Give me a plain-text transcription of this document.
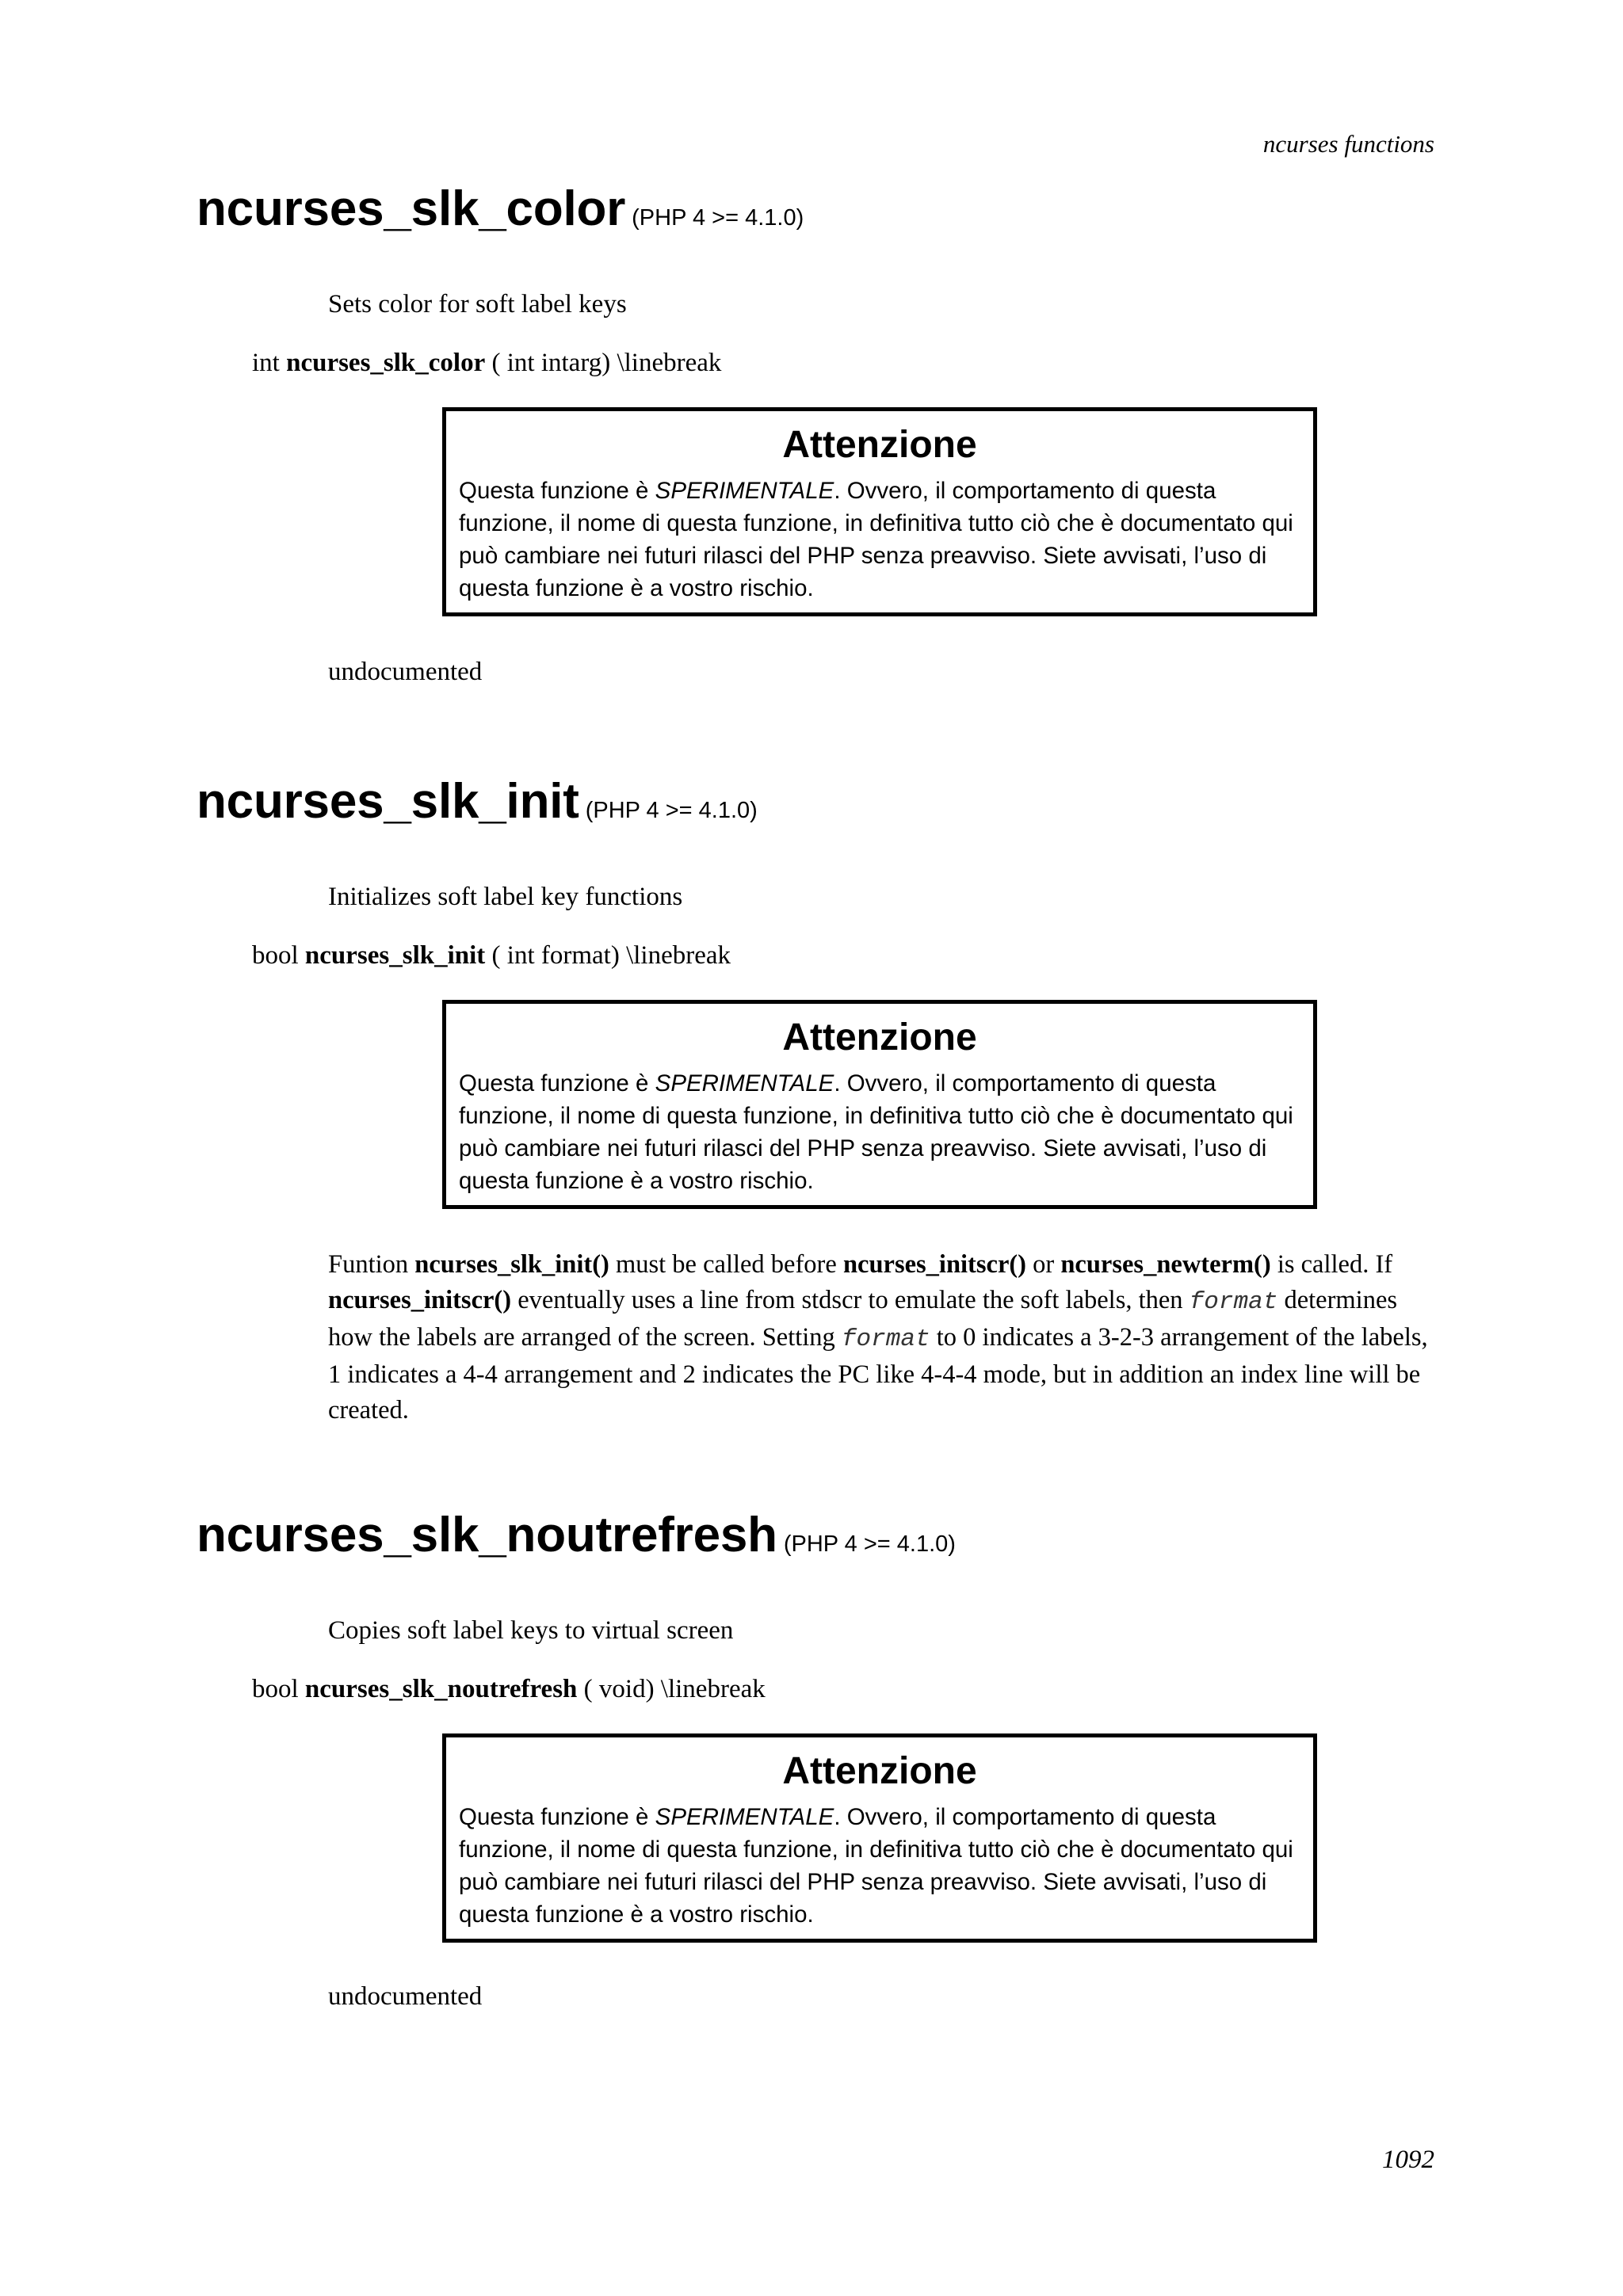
ncurses functions
ncurses_slk_color (PHP 4 >= 4.1.0)
Sets color for soft label keys
int ncurses_slk_color ( int intarg) \linebreak
Attenzione
Questa funzione è SPERIMENTALE. Ovvero, il comportamento di questa funzione, il nome di questa funzione, in definitiva tutto ciò che è documentato qui può cambiare nei futuri rilasci del PHP senza preavviso. Siete avvisati, l’uso di questa funzione è a vostro rischio.
undocumented
ncurses_slk_init (PHP 4 >= 4.1.0)
Initializes soft label key functions
bool ncurses_slk_init ( int format) \linebreak
Attenzione
Questa funzione è SPERIMENTALE. Ovvero, il comportamento di questa funzione, il nome di questa funzione, in definitiva tutto ciò che è documentato qui può cambiare nei futuri rilasci del PHP senza preavviso. Siete avvisati, l’uso di questa funzione è a vostro rischio.
Funtion ncurses_slk_init() must be called before ncurses_initscr() or ncurses_newterm() is called. If ncurses_initscr() eventually uses a line from stdscr to emulate the soft labels, then format determines how the labels are arranged of the screen. Setting format to 0 indicates a 3-2-3 arrangement of the labels, 1 indicates a 4-4 arrangement and 2 indicates the PC like 4-4-4 mode, but in addition an index line will be created.
ncurses_slk_noutrefresh (PHP 4 >= 4.1.0)
Copies soft label keys to virtual screen
bool ncurses_slk_noutrefresh ( void) \linebreak
Attenzione
Questa funzione è SPERIMENTALE. Ovvero, il comportamento di questa funzione, il nome di questa funzione, in definitiva tutto ciò che è documentato qui può cambiare nei futuri rilasci del PHP senza preavviso. Siete avvisati, l’uso di questa funzione è a vostro rischio.
undocumented
1092
